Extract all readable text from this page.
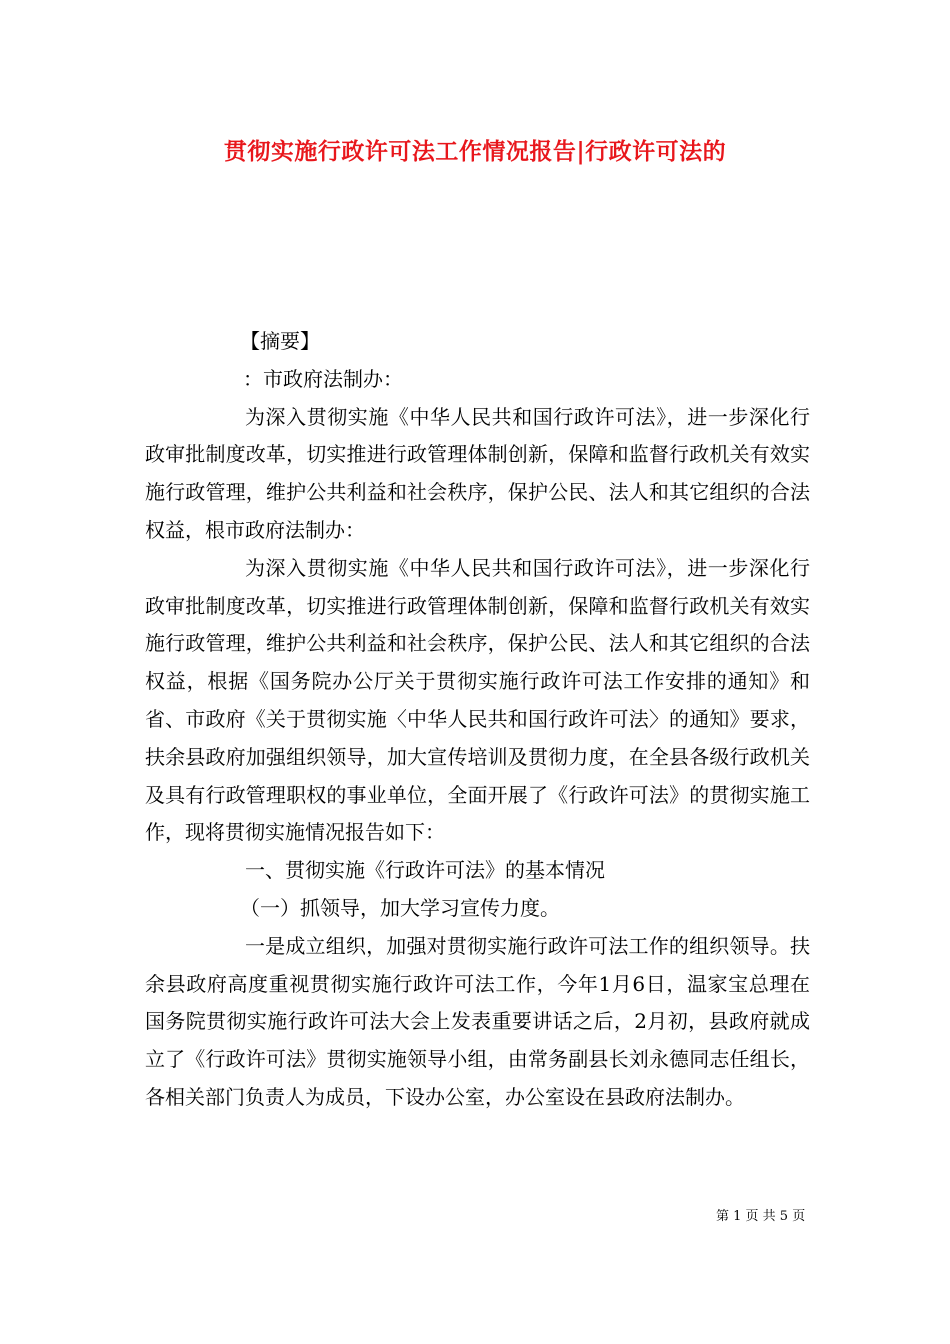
贯彻实施行政许可法工作情况报告|行政许可法的

【摘要】

：市政府法制办：

为深入贯彻实施《中华人民共和国行政许可法》，进一步深化行政审批制度改革，切实推进行政管理体制创新，保障和监督行政机关有效实施行政管理，维护公共利益和社会秩序，保护公民、法人和其它组织的合法权益，根市政府法制办：

为深入贯彻实施《中华人民共和国行政许可法》，进一步深化行政审批制度改革，切实推进行政管理体制创新，保障和监督行政机关有效实施行政管理，维护公共利益和社会秩序，保护公民、法人和其它组织的合法权益，根据《国务院办公厅关于贯彻实施行政许可法工作安排的通知》和省、市政府《关于贯彻实施〈中华人民共和国行政许可法〉的通知》要求，扶余县政府加强组织领导，加大宣传培训及贯彻力度，在全县各级行政机关及具有行政管理职权的事业单位，全面开展了《行政许可法》的贯彻实施工作，现将贯彻实施情况报告如下：

一、贯彻实施《行政许可法》的基本情况

（一）抓领导，加大学习宣传力度。

一是成立组织，加强对贯彻实施行政许可法工作的组织领导。扶余县政府高度重视贯彻实施行政许可法工作，今年1月6日，温家宝总理在国务院贯彻实施行政许可法大会上发表重要讲话之后，2月初，县政府就成立了《行政许可法》贯彻实施领导小组，由常务副县长刘永德同志任组长，各相关部门负责人为成员，下设办公室，办公室设在县政府法制办。

第 1 页 共 5 页
